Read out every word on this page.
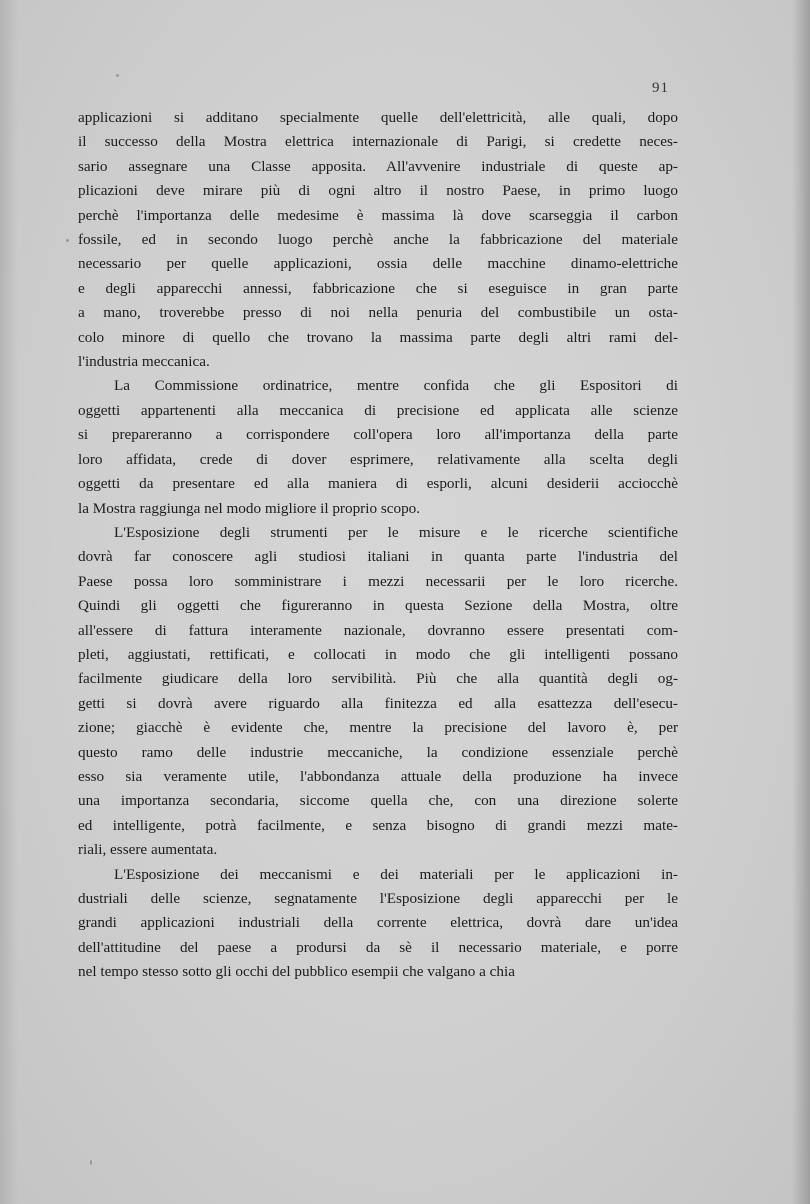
91
applicazioni si additano specialmente quelle dell'elettricità, alle quali, dopo
il successo della Mostra elettrica internazionale di Parigi, si credette neces-
sario assegnare una Classe apposita. All'avvenire industriale di queste ap-
plicazioni deve mirare più di ogni altro il nostro Paese, in primo luogo
perchè l'importanza delle medesime è massima là dove scarseggia il carbon
fossile, ed in secondo luogo perchè anche la fabbricazione del materiale
necessario per quelle applicazioni, ossia delle macchine dinamo-elettriche
e degli apparecchi annessi, fabbricazione che si eseguisce in gran parte
a mano, troverebbe presso di noi nella penuria del combustibile un osta-
colo minore di quello che trovano la massima parte degli altri rami del-
l'industria meccanica.
La Commissione ordinatrice, mentre confida che gli Espositori di
oggetti appartenenti alla meccanica di precisione ed applicata alle scienze
si prepareranno a corrispondere coll'opera loro all'importanza della parte
loro affidata, crede di dover esprimere, relativamente alla scelta degli
oggetti da presentare ed alla maniera di esporli, alcuni desiderii acciocchè
la Mostra raggiunga nel modo migliore il proprio scopo.
L'Esposizione degli strumenti per le misure e le ricerche scientifiche
dovrà far conoscere agli studiosi italiani in quanta parte l'industria del
Paese possa loro somministrare i mezzi necessarii per le loro ricerche.
Quindi gli oggetti che figureranno in questa Sezione della Mostra, oltre
all'essere di fattura interamente nazionale, dovranno essere presentati com-
pleti, aggiustati, rettificati, e collocati in modo che gli intelligenti possano
facilmente giudicare della loro servibilità. Più che alla quantità degli og-
getti si dovrà avere riguardo alla finitezza ed alla esattezza dell'esecu-
zione; giacchè è evidente che, mentre la precisione del lavoro è, per
questo ramo delle industrie meccaniche, la condizione essenziale perchè
esso sia veramente utile, l'abbondanza attuale della produzione ha invece
una importanza secondaria, siccome quella che, con una direzione solerte
ed intelligente, potrà facilmente, e senza bisogno di grandi mezzi mate-
riali, essere aumentata.
L'Esposizione dei meccanismi e dei materiali per le applicazioni in-
dustriali delle scienze, segnatamente l'Esposizione degli apparecchi per le
grandi applicazioni industriali della corrente elettrica, dovrà dare un'idea
dell'attitudine del paese a prodursi da sè il necessario materiale, e porre
nel tempo stesso sotto gli occhi del pubblico esempii che valgano a chia
